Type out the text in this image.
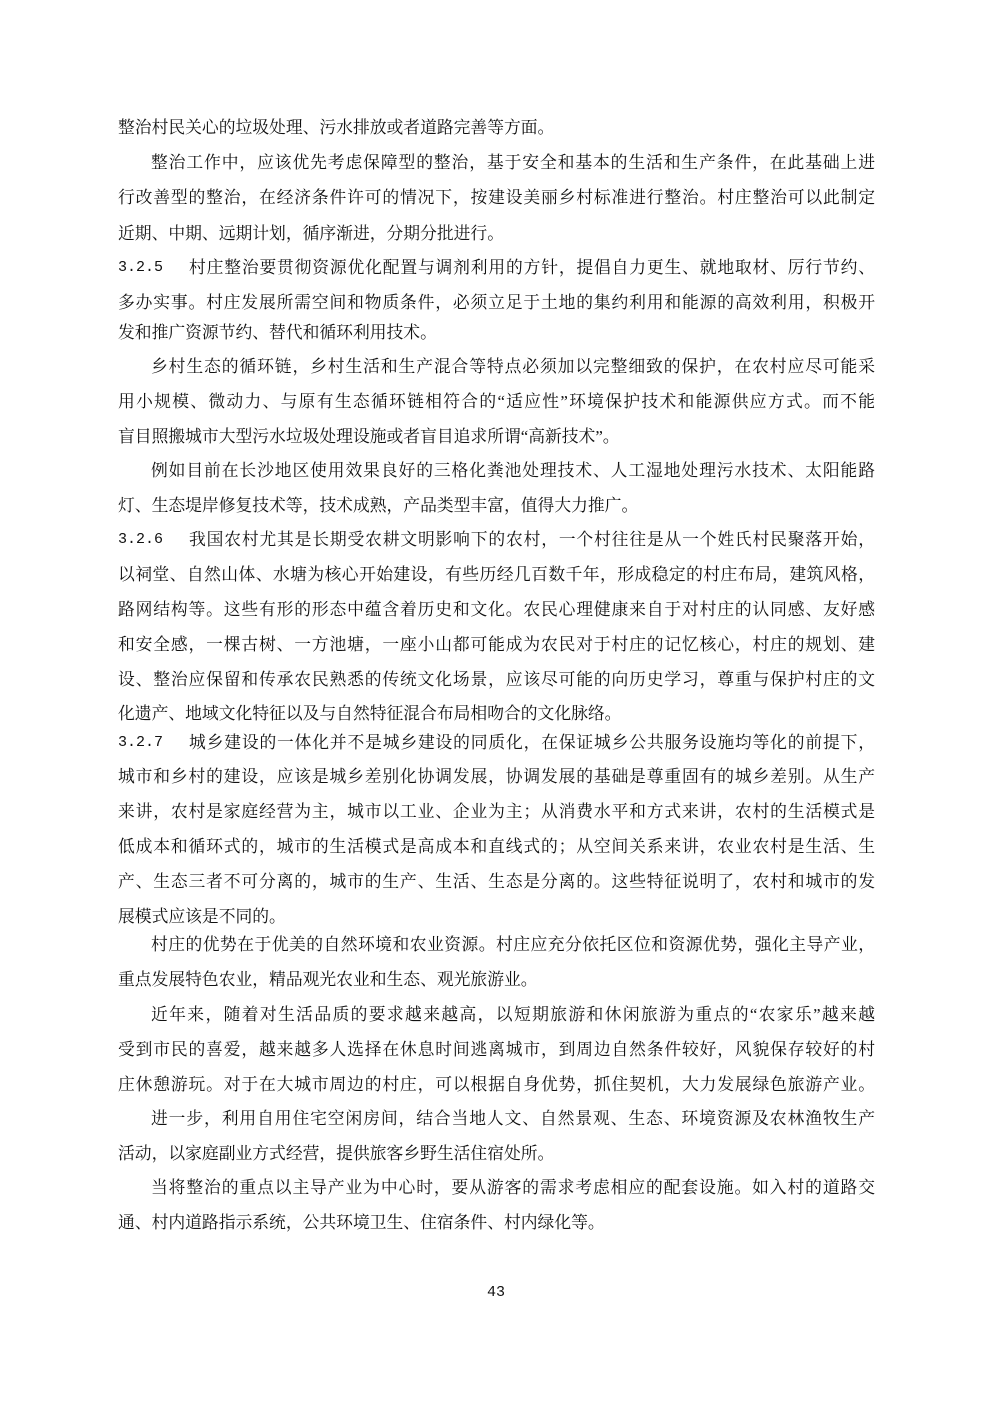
整治村民关心的垃圾处理、污水排放或者道路完善等方面。
整治工作中，应该优先考虑保障型的整治，基于安全和基本的生活和生产条件，在此基础上进
行改善型的整治，在经济条件许可的情况下，按建设美丽乡村标准进行整治。村庄整治可以此制定
近期、中期、远期计划，循序渐进，分期分批进行。
3.2.5	村庄整治要贯彻资源优化配置与调剂利用的方针，提倡自力更生、就地取材、厉行节约、
多办实事。村庄发展所需空间和物质条件，必须立足于土地的集约利用和能源的高效利用，积极开
发和推广资源节约、替代和循环利用技术。
乡村生态的循环链，乡村生活和生产混合等特点必须加以完整细致的保护，在农村应尽可能采
用小规模、微动力、与原有生态循环链相符合的“适应性”环境保护技术和能源供应方式。而不能
盲目照搬城市大型污水垃圾处理设施或者盲目追求所谓“高新技术”。
例如目前在长沙地区使用效果良好的三格化粪池处理技术、人工湿地处理污水技术、太阳能路
灯、生态堤岸修复技术等，技术成熟，产品类型丰富，值得大力推广。
3.2.6	我国农村尤其是长期受农耕文明影响下的农村，一个村往往是从一个姓氏村民聚落开始，
以祠堂、自然山体、水塘为核心开始建设，有些历经几百数千年，形成稳定的村庄布局，建筑风格，
路网结构等。这些有形的形态中蕴含着历史和文化。农民心理健康来自于对村庄的认同感、友好感
和安全感，一棵古树、一方池塘，一座小山都可能成为农民对于村庄的记忆核心，村庄的规划、建
设、整治应保留和传承农民熟悉的传统文化场景，应该尽可能的向历史学习，尊重与保护村庄的文
化遗产、地域文化特征以及与自然特征混合布局相吻合的文化脉络。
3.2.7	城乡建设的一体化并不是城乡建设的同质化，在保证城乡公共服务设施均等化的前提下，
城市和乡村的建设，应该是城乡差别化协调发展，协调发展的基础是尊重固有的城乡差别。从生产
来讲，农村是家庭经营为主，城市以工业、企业为主；从消费水平和方式来讲，农村的生活模式是
低成本和循环式的，城市的生活模式是高成本和直线式的；从空间关系来讲，农业农村是生活、生
产、生态三者不可分离的，城市的生产、生活、生态是分离的。这些特征说明了，农村和城市的发
展模式应该是不同的。
村庄的优势在于优美的自然环境和农业资源。村庄应充分依托区位和资源优势，强化主导产业，
重点发展特色农业，精品观光农业和生态、观光旅游业。
近年来，随着对生活品质的要求越来越高，以短期旅游和休闲旅游为重点的“农家乐”越来越
受到市民的喜爱，越来越多人选择在休息时间逃离城市，到周边自然条件较好，风貌保存较好的村
庄休憩游玩。对于在大城市周边的村庄，可以根据自身优势，抓住契机，大力发展绿色旅游产业。
进一步，利用自用住宅空闲房间，结合当地人文、自然景观、生态、环境资源及农林渔牧生产
活动，以家庭副业方式经营，提供旅客乡野生活住宿处所。
当将整治的重点以主导产业为中心时，要从游客的需求考虑相应的配套设施。如入村的道路交
通、村内道路指示系统，公共环境卫生、住宿条件、村内绿化等。
43
